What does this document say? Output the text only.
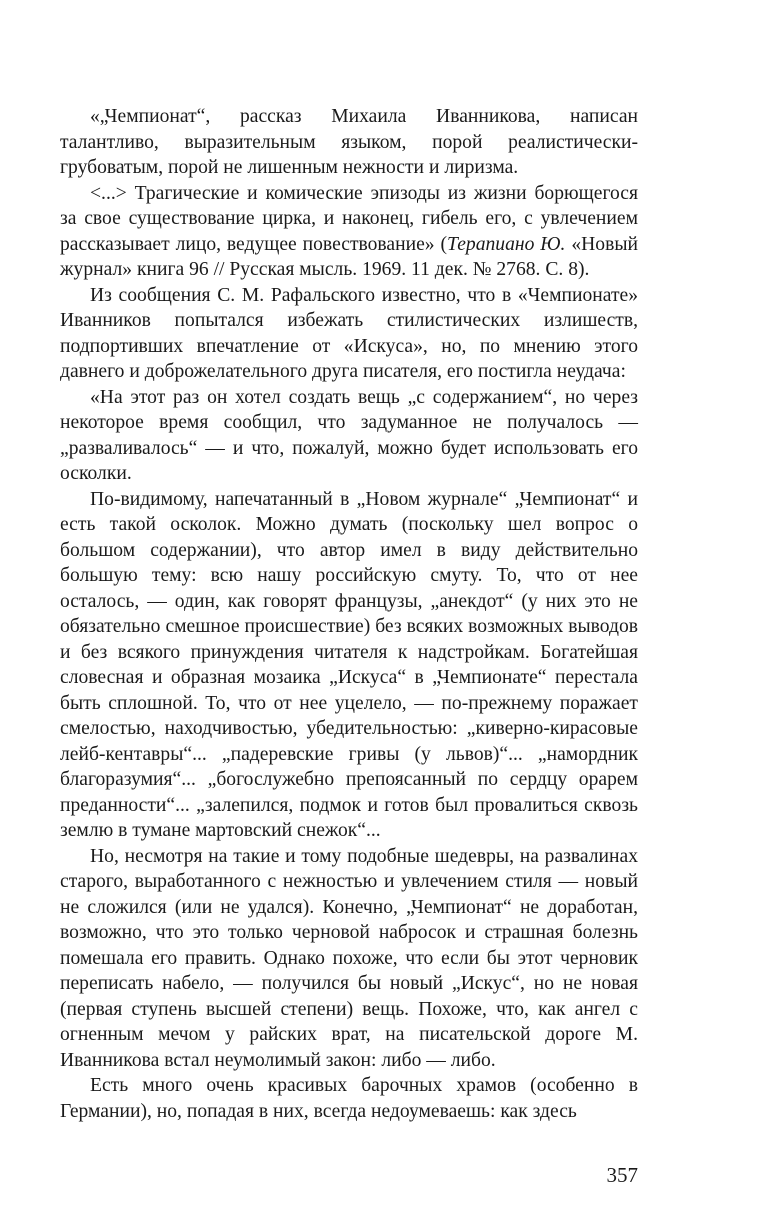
«„Чемпионат“, рассказ Михаила Иванникова, написан талантливо, выразительным языком, порой реалистически-грубоватым, порой не лишенным нежности и лиризма.

<...> Трагические и комические эпизоды из жизни борющегося за свое существование цирка, и наконец, гибель его, с увлечением рассказывает лицо, ведущее повествование» (Терапиано Ю. «Новый журнал» книга 96 // Русская мысль. 1969. 11 дек. № 2768. С. 8).

Из сообщения С. М. Рафальского известно, что в «Чемпионате» Иванников попытался избежать стилистических излишеств, подпортивших впечатление от «Искуса», но, по мнению этого давнего и доброжелательного друга писателя, его постигла неудача:

«На этот раз он хотел создать вещь „с содержанием“, но через некоторое время сообщил, что задуманное не получалось — „разваливалось“ — и что, пожалуй, можно будет использовать его осколки.

По-видимому, напечатанный в „Новом журнале“ „Чемпионат“ и есть такой осколок. Можно думать (поскольку шел вопрос о большом содержании), что автор имел в виду действительно большую тему: всю нашу российскую смуту. То, что от нее осталось, — один, как говорят французы, „анекдот“ (у них это не обязательно смешное происшествие) без всяких возможных выводов и без всякого принуждения читателя к надстройкам. Богатейшая словесная и образная мозаика „Искуса“ в „Чемпионате“ перестала быть сплошной. То, что от нее уцелело, — по-прежнему поражает смелостью, находчивостью, убедительностью: „киверно-кирасовые лейб-кентавры“... „падеревские гривы (у львов)“... „намордник благоразумия“... „богослужебно препоясанный по сердцу орарем преданности“... „залепился, подмок и готов был провалиться сквозь землю в тумане мартовский снежок“...

Но, несмотря на такие и тому подобные шедевры, на развалинах старого, выработанного с нежностью и увлечением стиля — новый не сложился (или не удался). Конечно, „Чемпионат“ не доработан, возможно, что это только черновой набросок и страшная болезнь помешала его править. Однако похоже, что если бы этот черновик переписать набело, — получился бы новый „Искус“, но не новая (первая ступень высшей степени) вещь. Похоже, что, как ангел с огненным мечом у райских врат, на писательской дороге М. Иванникова встал неумолимый закон: либо — либо.

Есть много очень красивых барочных храмов (особенно в Германии), но, попадая в них, всегда недоумеваешь: как здесь

357
